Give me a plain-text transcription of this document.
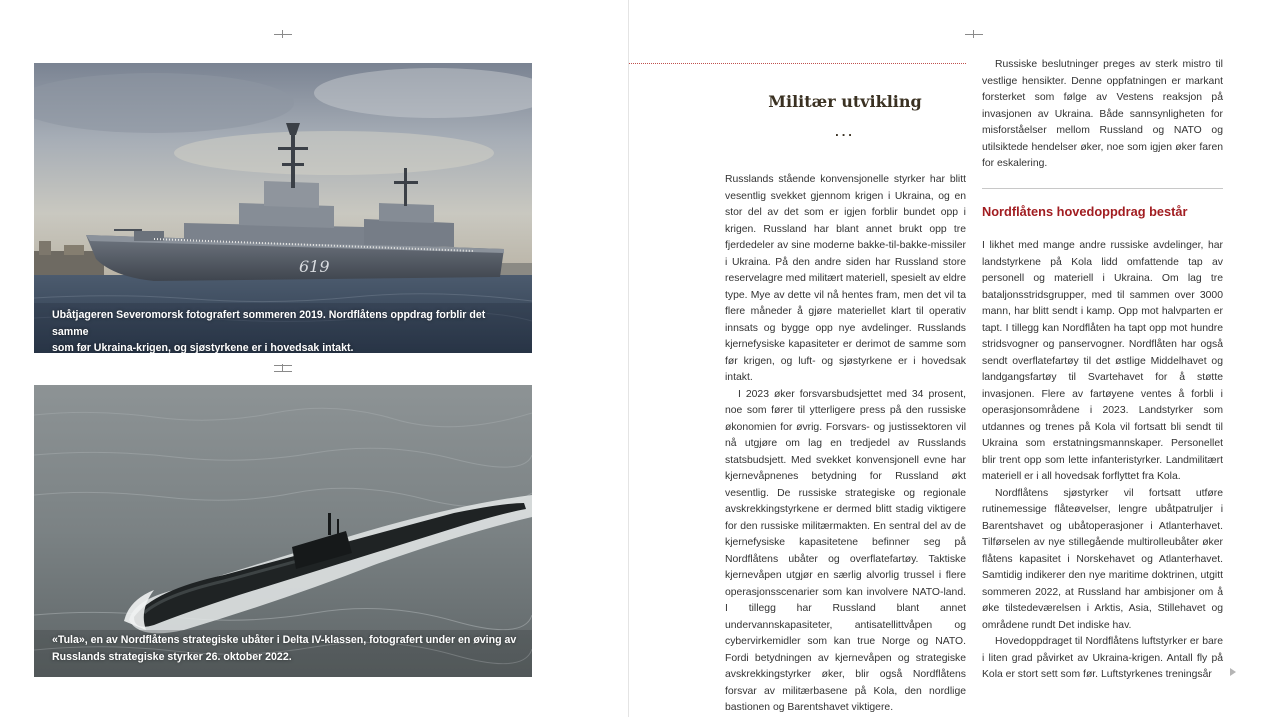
619
Ubåtjageren Severomorsk fotografert sommeren 2019. Nordflåtens oppdrag forblir det samme
som før Ukraina-krigen, og sjøstyrkene er i hovedsak intakt.
«Tula», en av Nordflåtens strategiske ubåter i Delta IV-klassen, fotografert under en øving av
Russlands strategiske styrker 26. oktober 2022.
Militær utvikling
...

Russlands stående konvensjonelle styrker har blitt vesentlig svekket gjennom krigen i Ukraina, og en stor del av det som er igjen forblir bundet opp i krigen. Russland har blant annet brukt opp tre fjerdedeler av sine moderne bakke-til-bakke-missiler i Ukraina. På den andre siden har Russland store reservelagre med militært materiell, spesielt av eldre type. Mye av dette vil nå hentes fram, men det vil ta flere måneder å gjøre materiellet klart til operativ innsats og bygge opp nye avdelinger. Russlands kjernefysiske kapasiteter er derimot de samme som før krigen, og luft- og sjøstyrkene er i hovedsak intakt.

I 2023 øker forsvarsbudsjettet med 34 prosent, noe som fører til ytterligere press på den russiske økonomien for øvrig. Forsvars- og justissektoren vil nå utgjøre om lag en tredjedel av Russlands statsbudsjett. Med svekket konvensjonell evne har kjernevåpnenes betydning for Russland økt vesentlig. De russiske strategiske og regionale avskrekkingstyrkene er dermed blitt stadig viktigere for den russiske militærmakten. En sentral del av de kjernefysiske kapasitetene befinner seg på Nordflåtens ubåter og overflatefartøy. Taktiske kjernevåpen utgjør en særlig alvorlig trussel i flere operasjonsscenarier som kan involvere NATO-land. I tillegg har Russland blant annet undervannskapasiteter, antisatellittvåpen og cybervirkemidler som kan true Norge og NATO. Fordi betydningen av kjernevåpen og strategiske avskrekkingstyrker øker, blir også Nordflåtens forsvar av militærbasene på Kola, den nordlige bastionen og Barentshavet viktigere.

Russiske beslutninger preges av sterk mistro til vestlige hensikter. Denne oppfatningen er markant forsterket som følge av Vestens reaksjon på invasjonen av Ukraina. Både sannsynligheten for misforståelser mellom Russland og NATO og utilsiktede hendelser øker, noe som igjen øker faren for eskalering.

Nordflåtens hovedoppdrag består

I likhet med mange andre russiske avdelinger, har landstyrkene på Kola lidd omfattende tap av personell og materiell i Ukraina. Om lag tre bataljonsstridsgrupper, med til sammen over 3000 mann, har blitt sendt i kamp. Opp mot halvparten er tapt. I tillegg kan Nordflåten ha tapt opp mot hundre stridsvogner og panservogner. Nordflåten har også sendt overflatefartøy til det østlige Middelhavet og landgangsfartøy til Svartehavet for å støtte invasjonen. Flere av fartøyene ventes å forbli i operasjonsområdene i 2023. Landstyrker som utdannes og trenes på Kola vil fortsatt bli sendt til Ukraina som erstatningsmannskaper. Personellet blir trent opp som lette infanteristyrker. Landmilitært materiell er i all hovedsak forflyttet fra Kola.

Nordflåtens sjøstyrker vil fortsatt utføre rutinemessige flåteøvelser, lengre ubåtpatruljer i Barentshavet og ubåtoperasjoner i Atlanterhavet. Tilførselen av nye stillegående multirolleubåter øker flåtens kapasitet i Norskehavet og Atlanterhavet. Samtidig indikerer den nye maritime doktrinen, utgitt sommeren 2022, at Russland har ambisjoner om å øke tilstedeværelsen i Arktis, Asia, Stillehavet og områdene rundt Det indiske hav.

Hovedoppdraget til Nordflåtens luftstyrker er bare i liten grad påvirket av Ukraina-krigen. Antall fly på Kola er stort sett som før. Luftstyrkenes treningsår
